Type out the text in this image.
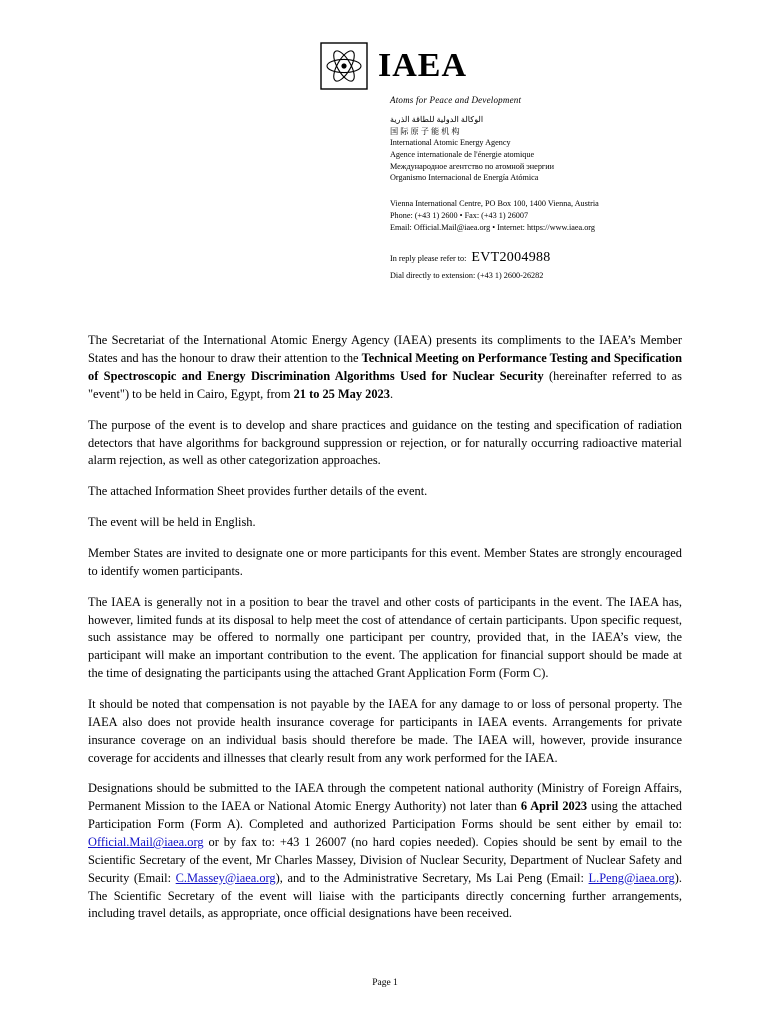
IAEA
Atoms for Peace and Development
الوكالة الدولية للطاقة الذرية
国 际 原 子 能 机 构
International Atomic Energy Agency
Agence internationale de l'énergie atomique
Международное агентство по атомной энергии
Organismo Internacional de Energía Atómica
Vienna International Centre, PO Box 100, 1400 Vienna, Austria
Phone: (+43 1) 2600 • Fax: (+43 1) 26007
Email: Official.Mail@iaea.org • Internet: https://www.iaea.org
In reply please refer to: EVT2004988
Dial directly to extension: (+43 1) 2600-26282

The Secretariat of the International Atomic Energy Agency (IAEA) presents its compliments to the IAEA’s Member States and has the honour to draw their attention to the Technical Meeting on Performance Testing and Specification of Spectroscopic and Energy Discrimination Algorithms Used for Nuclear Security (hereinafter referred to as "event") to be held in Cairo, Egypt, from 21 to 25 May 2023.

The purpose of the event is to develop and share practices and guidance on the testing and specification of radiation detectors that have algorithms for background suppression or rejection, or for naturally occurring radioactive material alarm rejection, as well as other categorization approaches.

The attached Information Sheet provides further details of the event.

The event will be held in English.

Member States are invited to designate one or more participants for this event. Member States are strongly encouraged to identify women participants.

The IAEA is generally not in a position to bear the travel and other costs of participants in the event. The IAEA has, however, limited funds at its disposal to help meet the cost of attendance of certain participants. Upon specific request, such assistance may be offered to normally one participant per country, provided that, in the IAEA’s view, the participant will make an important contribution to the event. The application for financial support should be made at the time of designating the participants using the attached Grant Application Form (Form C).

It should be noted that compensation is not payable by the IAEA for any damage to or loss of personal property. The IAEA also does not provide health insurance coverage for participants in IAEA events. Arrangements for private insurance coverage on an individual basis should therefore be made. The IAEA will, however, provide insurance coverage for accidents and illnesses that clearly result from any work performed for the IAEA.

Designations should be submitted to the IAEA through the competent national authority (Ministry of Foreign Affairs, Permanent Mission to the IAEA or National Atomic Energy Authority) not later than 6 April 2023 using the attached Participation Form (Form A). Completed and authorized Participation Forms should be sent either by email to: Official.Mail@iaea.org or by fax to: +43 1 26007 (no hard copies needed). Copies should be sent by email to the Scientific Secretary of the event, Mr Charles Massey, Division of Nuclear Security, Department of Nuclear Safety and Security (Email: C.Massey@iaea.org), and to the Administrative Secretary, Ms Lai Peng (Email: L.Peng@iaea.org). The Scientific Secretary of the event will liaise with the participants directly concerning further arrangements, including travel details, as appropriate, once official designations have been received.

Page 1
